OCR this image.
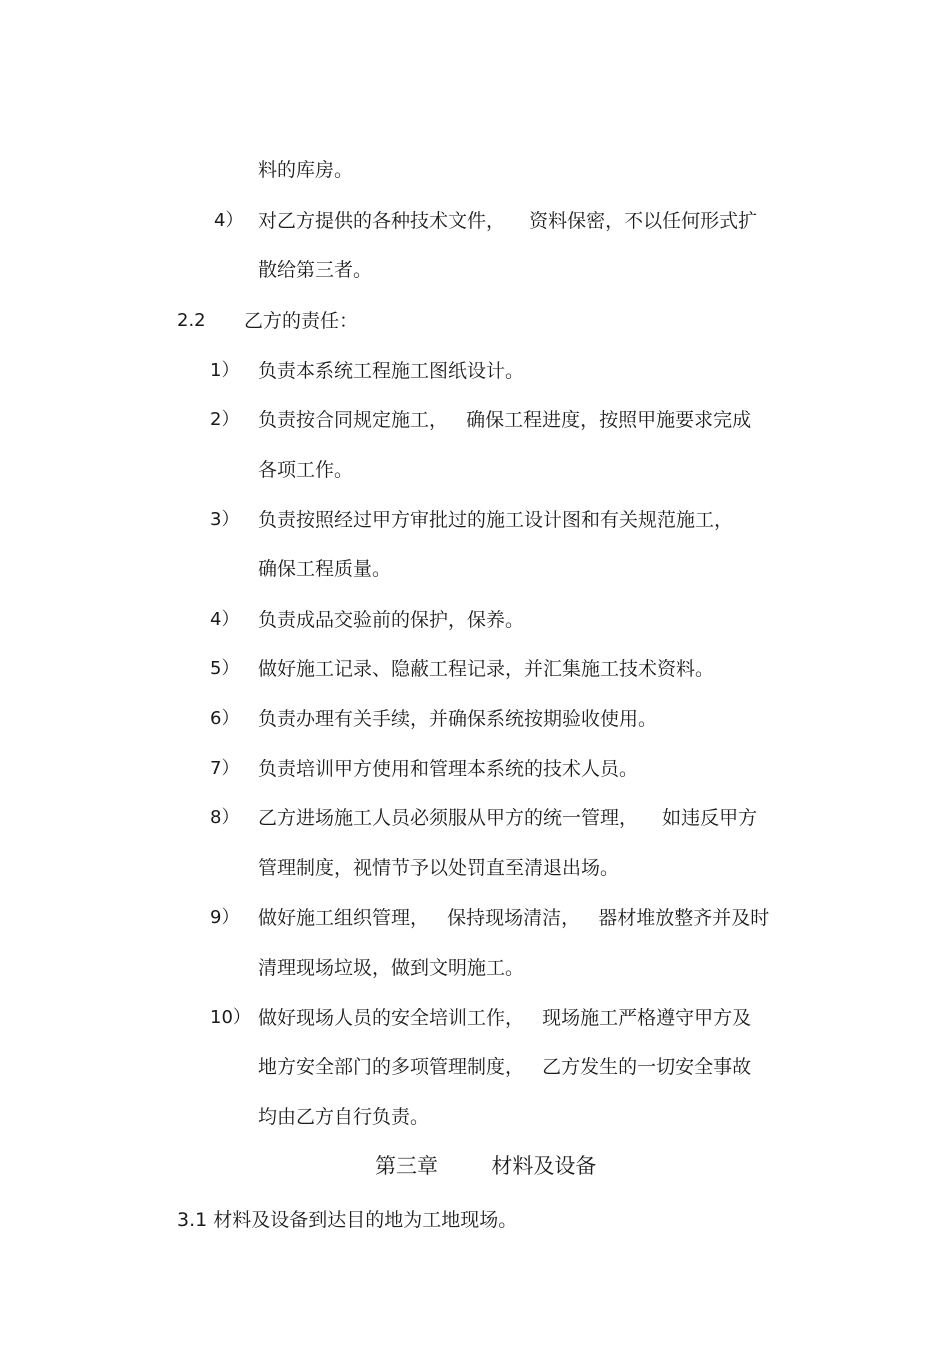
料的库房。
4） 对乙方提供的各种技术文件，    资料保密，不以任何形式扩
散给第三者。
2.2 乙方的责任：
1） 负责本系统工程施工图纸设计。
2） 负责按合同规定施工，   确保工程进度，按照甲施要求完成
各项工作。
3） 负责按照经过甲方审批过的施工设计图和有关规范施工，
确保工程质量。
4） 负责成品交验前的保护，保养。
5） 做好施工记录、隐蔽工程记录，并汇集施工技术资料。
6） 负责办理有关手续，并确保系统按期验收使用。
7） 负责培训甲方使用和管理本系统的技术人员。
8） 乙方进场施工人员必须服从甲方的统一管理，    如违反甲方
管理制度，视情节予以处罚直至清退出场。
9） 做好施工组织管理，   保持现场清洁，   器材堆放整齐并及时
清理现场垃圾，做到文明施工。
10） 做好现场人员的安全培训工作，   现场施工严格遵守甲方及
地方安全部门的多项管理制度，   乙方发生的一切安全事故
均由乙方自行负责。
第三章        材料及设备
3.1 材料及设备到达目的地为工地现场。
